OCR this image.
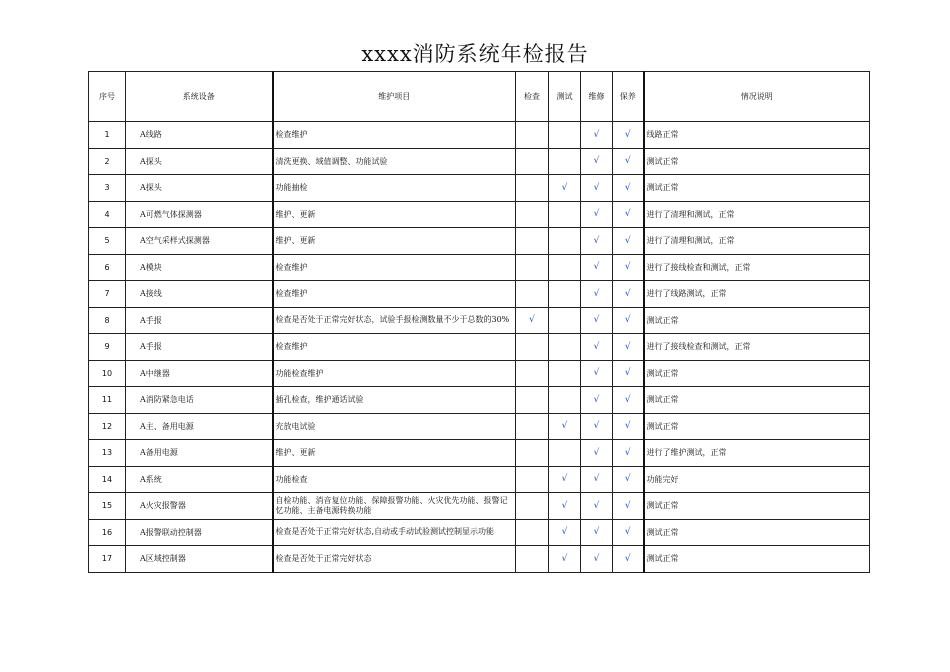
xxxx消防系统年检报告
序号	系统设备	维护项目	检查	测试	维修	保养	情况说明
1	A线路	检查维护			√	√	线路正常
2	A探头	清洗更换、域值调整、功能试验			√	√	测试正常
3	A探头	功能抽检		√	√	√	测试正常
4	A可燃气体探测器	维护、更新			√	√	进行了清理和测试，正常
5	A空气采样式探测器	维护、更新			√	√	进行了清理和测试，正常
6	A模块	检查维护			√	√	进行了接线检查和测试，正常
7	A接线	检查维护			√	√	进行了线路测试，正常
8	A手报	检查是否处于正常完好状态，试验手报检测数量不少于总数的30%	√		√	√	测试正常
9	A手报	检查维护			√	√	进行了接线检查和测试，正常
10	A中继器	功能检查维护			√	√	测试正常
11	A消防紧急电话	插孔检查，维护通话试验			√	√	测试正常
12	A主、备用电源	充放电试验		√	√	√	测试正常
13	A备用电源	维护、更新			√	√	进行了维护测试，正常
14	A系统	功能检查		√	√	√	功能完好
15	A火灾报警器	自检功能、消音复位功能、保障报警功能、火灾优先功能、报警记忆功能、主备电源转换功能		√	√	√	测试正常
16	A报警联动控制器	检查是否处于正常完好状态,自动或手动试验测试控制显示功能		√	√	√	测试正常
17	A区域控制器	检查是否处于正常完好状态		√	√	√	测试正常
